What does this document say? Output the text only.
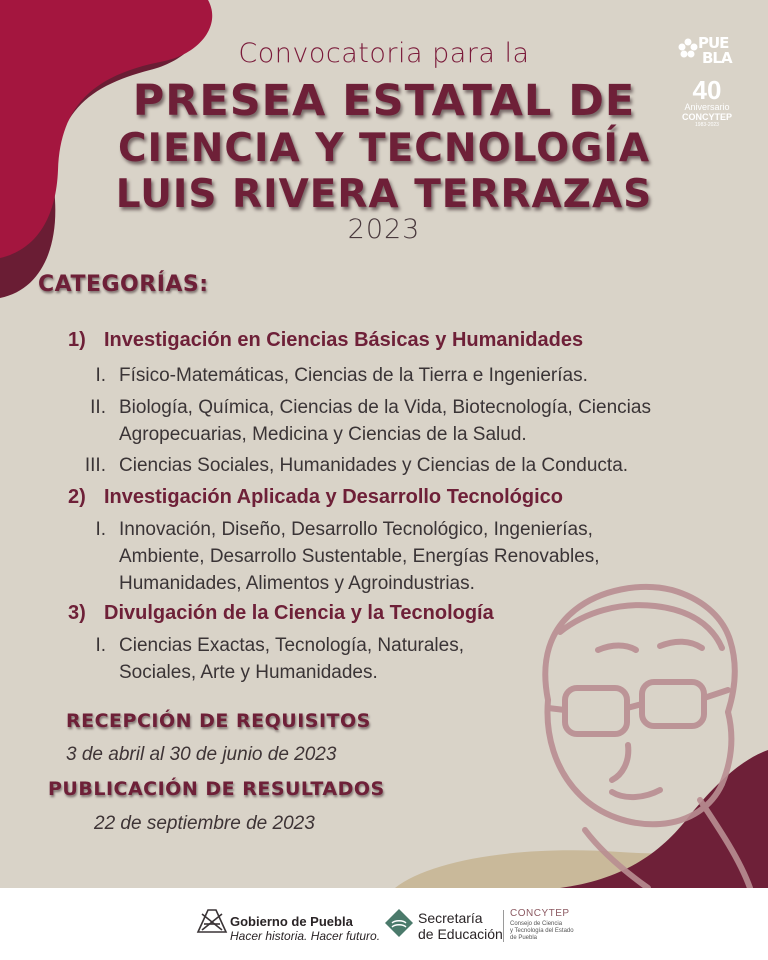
Convocatoria para la
PRESEA ESTATAL DE
CIENCIA Y TECNOLOGÍA
LUIS RIVERA TERRAZAS
2023
PUE
BLA
40
Aniversario
CONCYTEP
1983-2023
CATEGORÍAS:
1) Investigación en Ciencias Básicas y Humanidades
I. Físico-Matemáticas, Ciencias de la Tierra e Ingenierías.
II. Biología, Química, Ciencias de la Vida, Biotecnología, Ciencias Agropecuarias, Medicina y Ciencias de la Salud.
III. Ciencias Sociales, Humanidades y Ciencias de la Conducta.
2) Investigación Aplicada y Desarrollo Tecnológico
I. Innovación, Diseño, Desarrollo Tecnológico, Ingenierías, Ambiente, Desarrollo Sustentable, Energías Renovables, Humanidades, Alimentos y Agroindustrias.
3) Divulgación de la Ciencia y la Tecnología
I. Ciencias Exactas, Tecnología, Naturales, Sociales, Arte y Humanidades.
RECEPCIÓN DE REQUISITOS
3 de abril al 30 de junio de 2023
PUBLICACIÓN DE RESULTADOS
22 de septiembre de 2023
Gobierno de Puebla
Hacer historia. Hacer futuro.
Secretaría
de Educación
CONCYTEP
Consejo de Ciencia
y Tecnología del Estado
de Puebla
